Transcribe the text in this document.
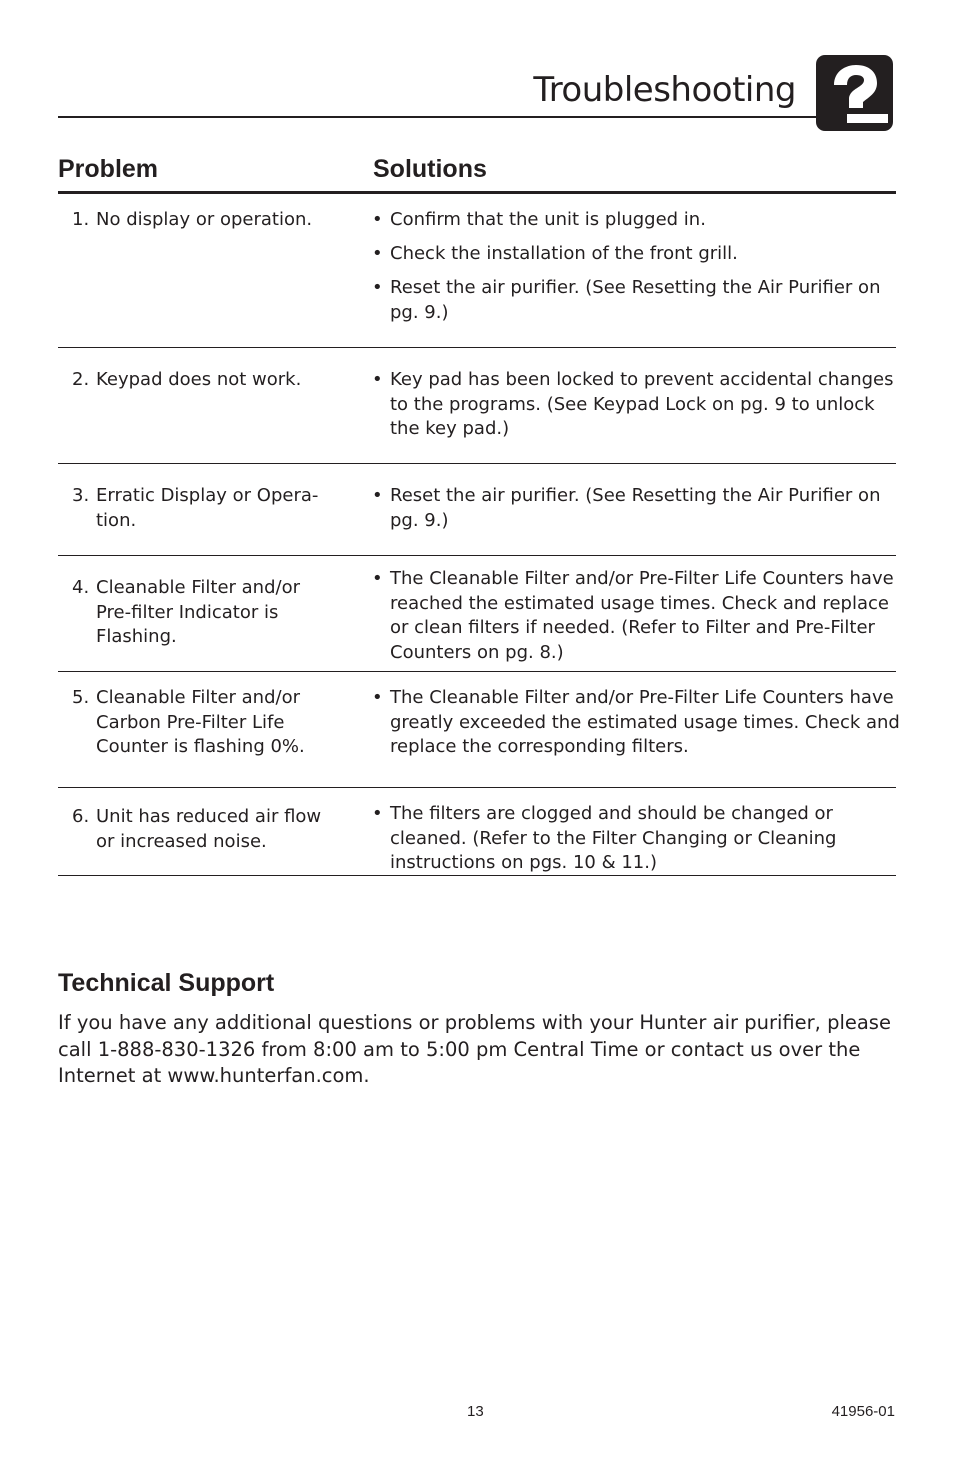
Troubleshooting
Problem	Solutions
1. No display or operation.	• Confirm that the unit is plugged in.
• Check the installation of the front grill.
• Reset the air purifier. (See Resetting the Air Purifier on pg. 9.)
2. Keypad does not work.	• Key pad has been locked to prevent accidental changes to the programs. (See Keypad Lock on pg. 9 to unlock the key pad.)
3. Erratic Display or Opera-tion.
• Reset the air purifier. (See Resetting the Air Purifier on pg. 9.)
4. Cleanable Filter and/or Pre-filter Indicator is Flashing.
• The Cleanable Filter and/or Pre-Filter Life Counters have reached the estimated usage times. Check and replace or clean filters if needed. (Refer to Filter and Pre-Filter Counters on pg. 8.)
5. Cleanable Filter and/or Carbon Pre-Filter Life Counter is flashing 0%.
• The Cleanable Filter and/or Pre-Filter Life Counters have greatly exceeded the estimated usage times. Check and replace the corresponding filters.
6. Unit has reduced air flow or increased noise.
• The filters are clogged and should be changed or cleaned. (Refer to the Filter Changing or Cleaning instructions on pgs. 10 & 11.)
Technical Support
If you have any additional questions or problems with your Hunter air purifier, please call 1-888-830-1326 from 8:00 am to 5:00 pm Central Time or contact us over the Internet at www.hunterfan.com.
13	41956-01
